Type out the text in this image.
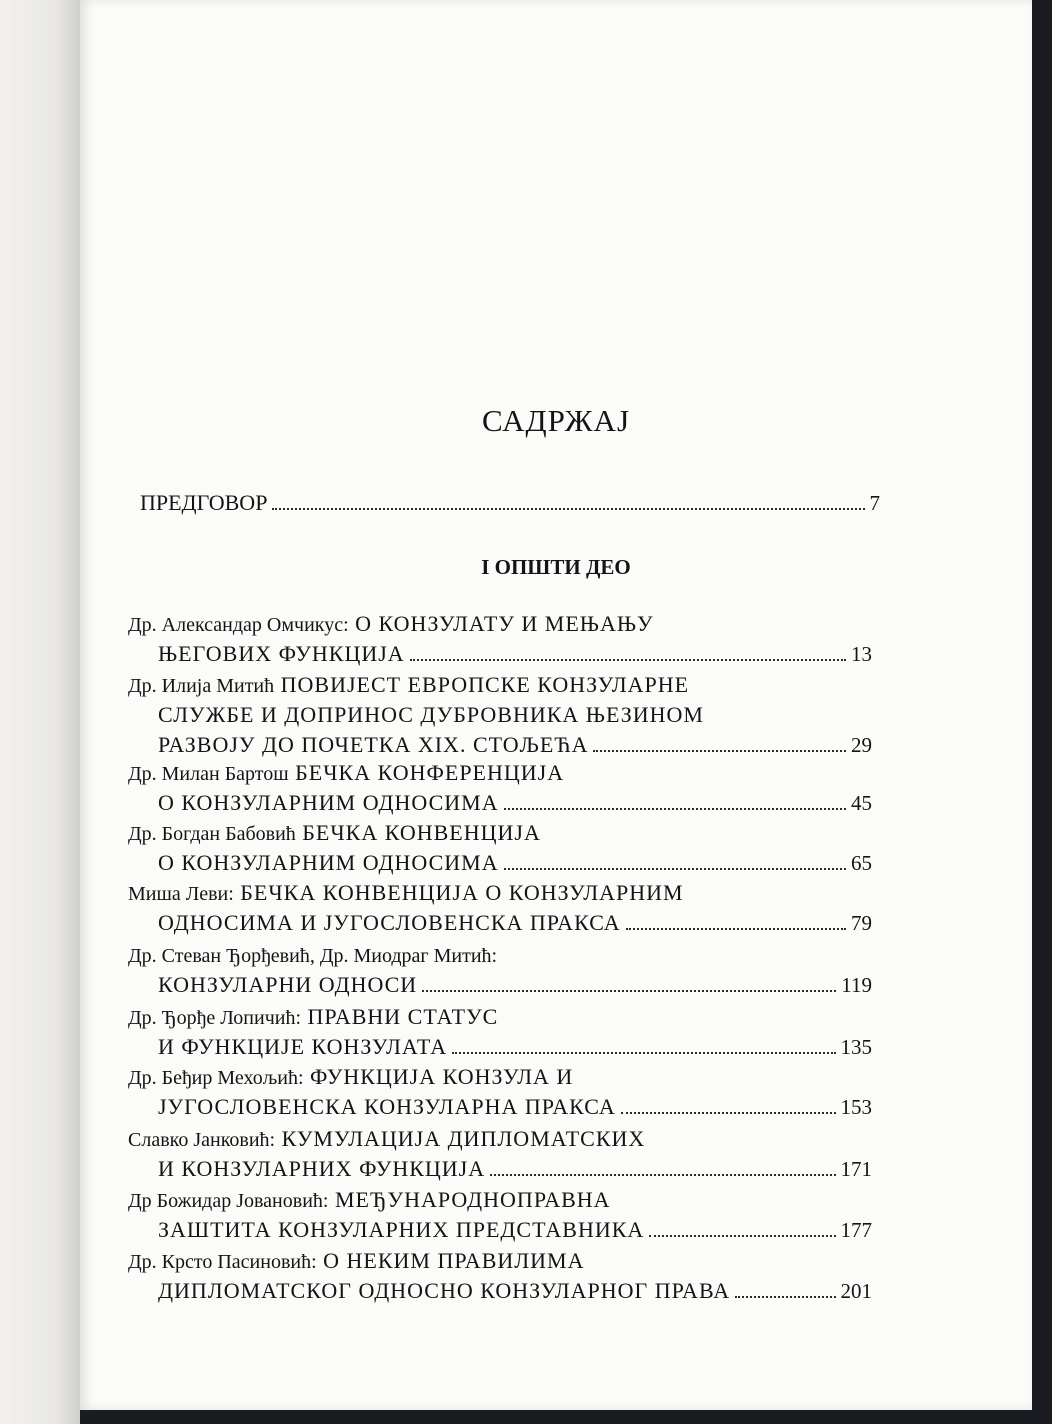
САДРЖАЈ
ПРЕДГОВОР	7
I ОПШТИ ДЕО
Др. Александар Омчикус: О КОНЗУЛАТУ И МЕЊАЊУ
ЊЕГОВИХ ФУНКЦИЈА	13
Др. Илија Митић ПОВИЈЕСТ ЕВРОПСКЕ КОНЗУЛАРНЕ
СЛУЖБЕ И ДОПРИНОС ДУБРОВНИКА ЊЕЗИНОМ
РАЗВОЈУ ДО ПОЧЕТКА XIX. СТОЉЕЋА	29
Др. Милан Бартош БЕЧКА КОНФЕРЕНЦИЈА
О КОНЗУЛАРНИМ ОДНОСИМА	45
Др. Богдан Бабовић БЕЧКА КОНВЕНЦИЈА
О КОНЗУЛАРНИМ ОДНОСИМА	65
Миша Леви: БЕЧКА КОНВЕНЦИЈА О КОНЗУЛАРНИМ
ОДНОСИМА И ЈУГОСЛОВЕНСКА ПРАКСА	79
Др. Стеван Ђорђевић, Др. Миодраг Митић:
КОНЗУЛАРНИ ОДНОСИ	119
Др. Ђорђе Лопичић: ПРАВНИ СТАТУС
И ФУНКЦИЈЕ КОНЗУЛАТА	135
Др. Беђир Мехољић: ФУНКЦИЈА КОНЗУЛА И
ЈУГОСЛОВЕНСКА КОНЗУЛАРНА ПРАКСА	153
Славко Јанковић: КУМУЛАЦИЈА ДИПЛОМАТСКИХ
И КОНЗУЛАРНИХ ФУНКЦИЈА	171
Др Божидар Јовановић: МЕЂУНАРОДНОПРАВНА
ЗАШТИТА КОНЗУЛАРНИХ ПРЕДСТАВНИКА	177
Др. Крсто Пасиновић: О НЕКИМ ПРАВИЛИМА
ДИПЛОМАТСКОГ ОДНОСНО КОНЗУЛАРНОГ ПРАВА	201
